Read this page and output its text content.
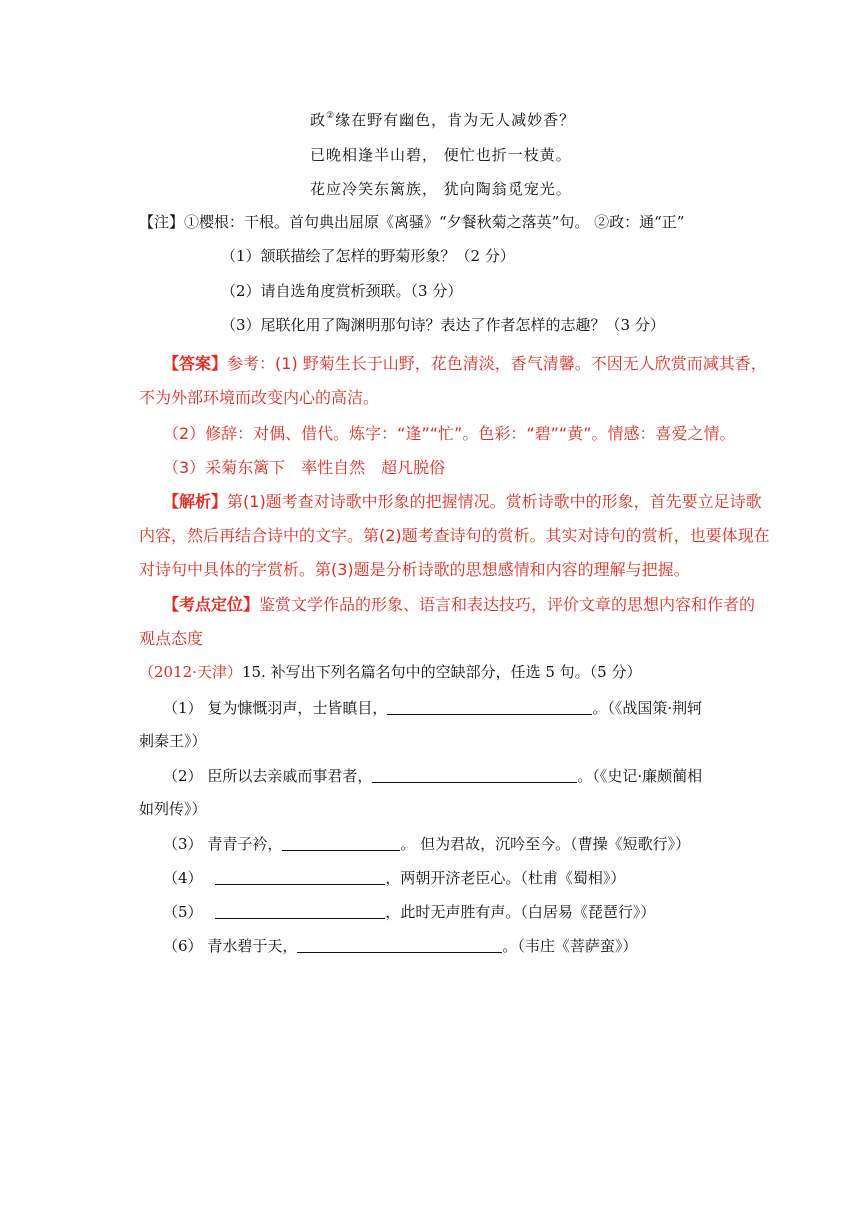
政②缘在野有幽色，肯为无人减妙香？
已晚相逢半山碧， 便忙也折一枝黄。
花应冷笑东篱族， 犹向陶翁觅宠光。
【注】①樱根：干根。首句典出屈原《离骚》“夕餐秋菊之落英”句。 ②政：通“正”
（1）颔联描绘了怎样的野菊形象？（2 分）
（2）请自选角度赏析颈联。（3 分）
（3）尾联化用了陶渊明那句诗？表达了作者怎样的志趣？（3 分）
【答案】参考：(1) 野菊生长于山野，花色清淡，香气清馨。不因无人欣赏而减其香，
不为外部环境而改变内心的高洁。
（2）修辞：对偶、借代。炼字：“逢”“忙”。色彩：“碧”“黄”。情感：喜爱之情。
（3）采菊东篱下　率性自然　超凡脱俗
【解析】第(1)题考查对诗歌中形象的把握情况。赏析诗歌中的形象，首先要立足诗歌
内容，然后再结合诗中的文字。第(2)题考查诗句的赏析。其实对诗句的赏析，也要体现在
对诗句中具体的字赏析。第(3)题是分析诗歌的思想感情和内容的理解与把握。
【考点定位】鉴赏文学作品的形象、语言和表达技巧，评价文章的思想内容和作者的
观点态度
（2012·天津）15. 补写出下列名篇名句中的空缺部分，任选 5 句。（5 分）
（1） 复为慷慨羽声，士皆瞋目，	。（《战国策·荆轲
刺秦王》）
（2） 臣所以去亲戚而事君者，	。（《史记·廉颇蔺相
如列传》）
（3） 青青子衿，	。 但为君故，沉吟至今。（曹操《短歌行》）
（4）	，两朝开济老臣心。（杜甫《蜀相》）
（5）	，此时无声胜有声。（白居易《琵琶行》）
（6） 青水碧于天，	。（韦庄《菩萨蛮》）
